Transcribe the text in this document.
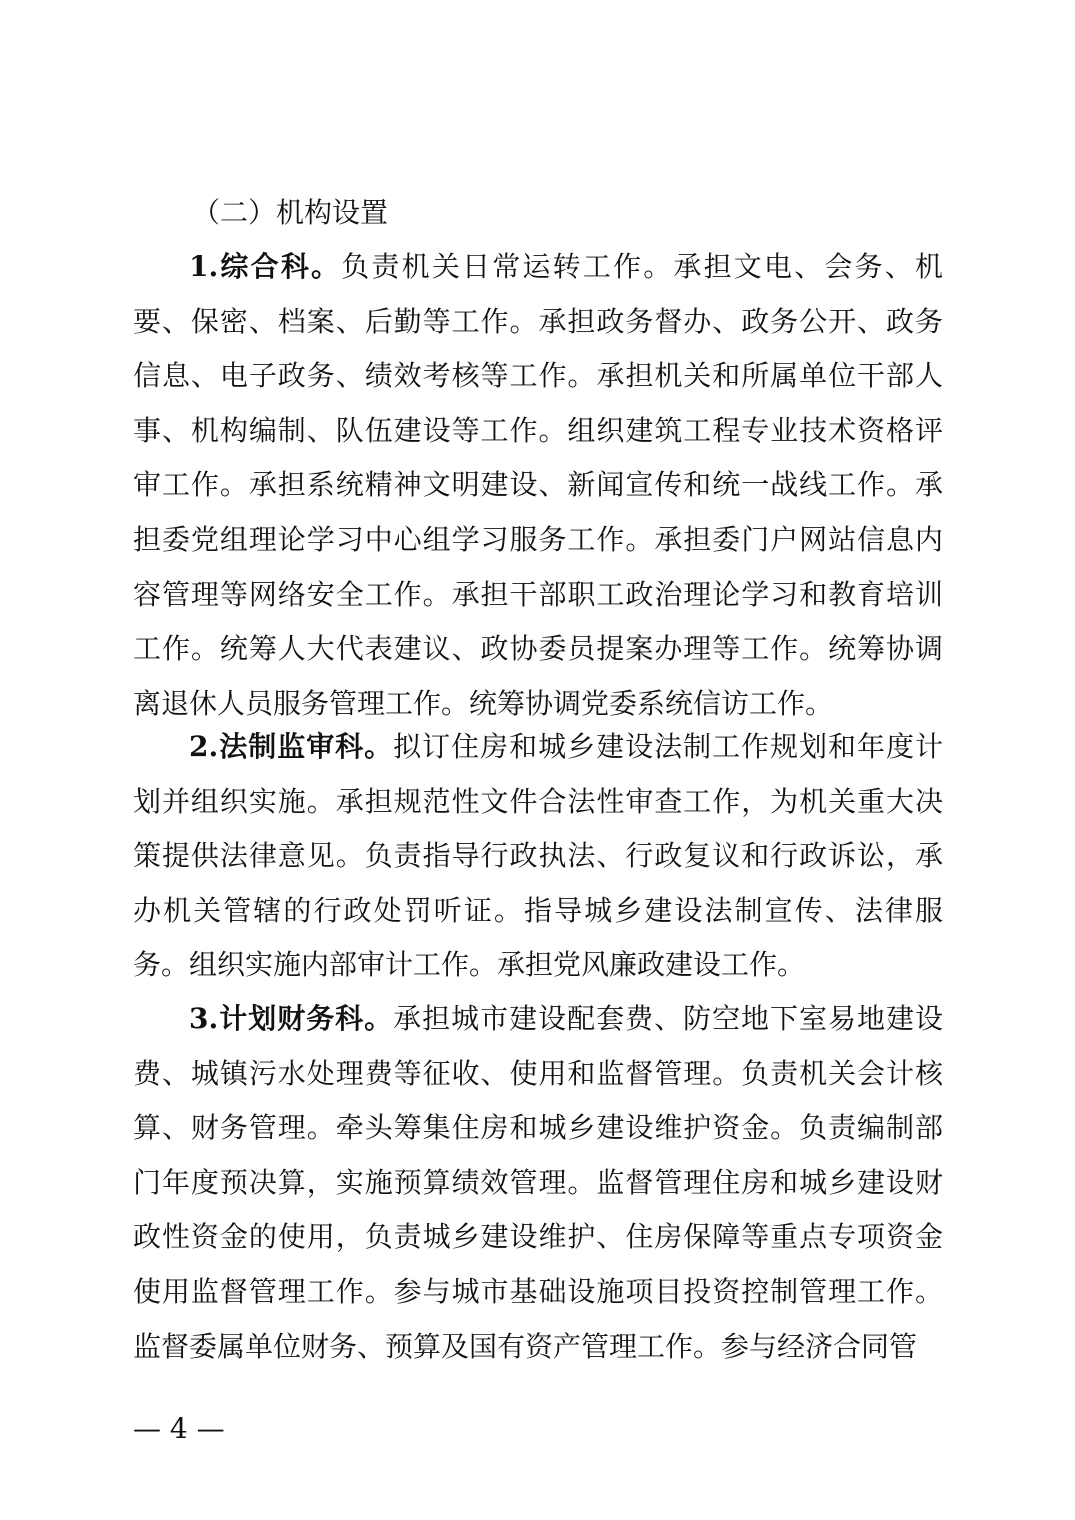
（二）机构设置

1.综合科。负责机关日常运转工作。承担文电、会务、机要、保密、档案、后勤等工作。承担政务督办、政务公开、政务信息、电子政务、绩效考核等工作。承担机关和所属单位干部人事、机构编制、队伍建设等工作。组织建筑工程专业技术资格评审工作。承担系统精神文明建设、新闻宣传和统一战线工作。承担委党组理论学习中心组学习服务工作。承担委门户网站信息内容管理等网络安全工作。承担干部职工政治理论学习和教育培训工作。统筹人大代表建议、政协委员提案办理等工作。统筹协调离退休人员服务管理工作。统筹协调党委系统信访工作。

2.法制监审科。拟订住房和城乡建设法制工作规划和年度计划并组织实施。承担规范性文件合法性审查工作，为机关重大决策提供法律意见。负责指导行政执法、行政复议和行政诉讼，承办机关管辖的行政处罚听证。指导城乡建设法制宣传、法律服务。组织实施内部审计工作。承担党风廉政建设工作。

3.计划财务科。承担城市建设配套费、防空地下室易地建设费、城镇污水处理费等征收、使用和监督管理。负责机关会计核算、财务管理。牵头筹集住房和城乡建设维护资金。负责编制部门年度预决算，实施预算绩效管理。监督管理住房和城乡建设财政性资金的使用，负责城乡建设维护、住房保障等重点专项资金使用监督管理工作。参与城市基础设施项目投资控制管理工作。监督委属单位财务、预算及国有资产管理工作。参与经济合同管

— 4 —
